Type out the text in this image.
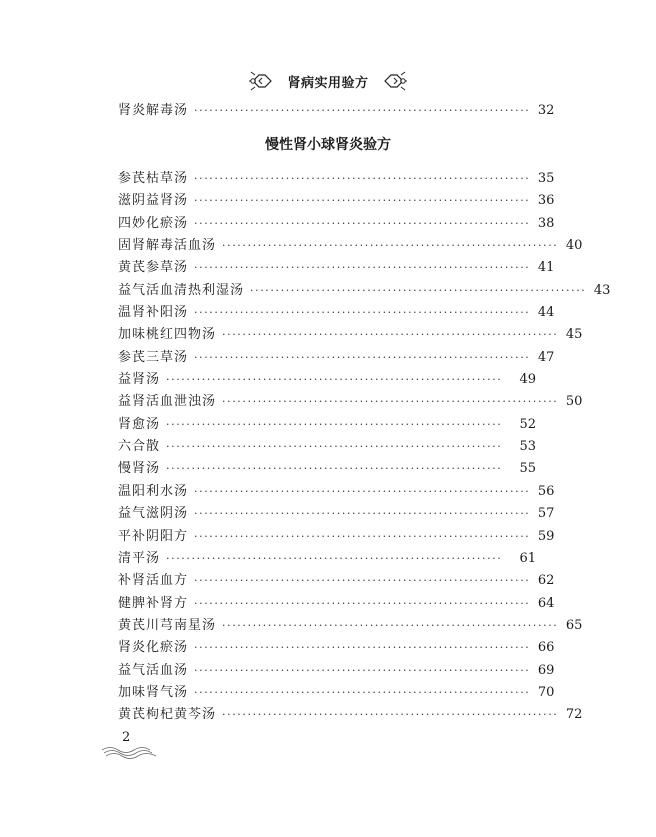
肾病实用验方
肾炎解毒汤 ·································································· 32
慢性肾小球肾炎验方
参芪枯草汤 ·································································· 35
滋阴益肾汤 ·································································· 36
四妙化瘀汤 ·································································· 38
固肾解毒活血汤 ·································································· 40
黄芪参草汤 ·································································· 41
益气活血清热利湿汤 ·································································· 43
温肾补阳汤 ·································································· 44
加味桃红四物汤 ·································································· 45
参芪三草汤 ·································································· 47
益肾汤 ··································································	49
益肾活血泄浊汤 ·································································· 50
肾愈汤 ··································································	52
六合散 ··································································	53
慢肾汤 ··································································	55
温阳利水汤 ·································································· 56
益气滋阴汤 ·································································· 57
平补阴阳方 ·································································· 59
清平汤 ··································································	61
补肾活血方 ·································································· 62
健脾补肾方 ·································································· 64
黄芪川芎南星汤 ·································································· 65
肾炎化瘀汤 ·································································· 66
益气活血汤 ·································································· 69
加味肾气汤 ·································································· 70
黄芪枸杞黄芩汤 ·································································· 72
2
